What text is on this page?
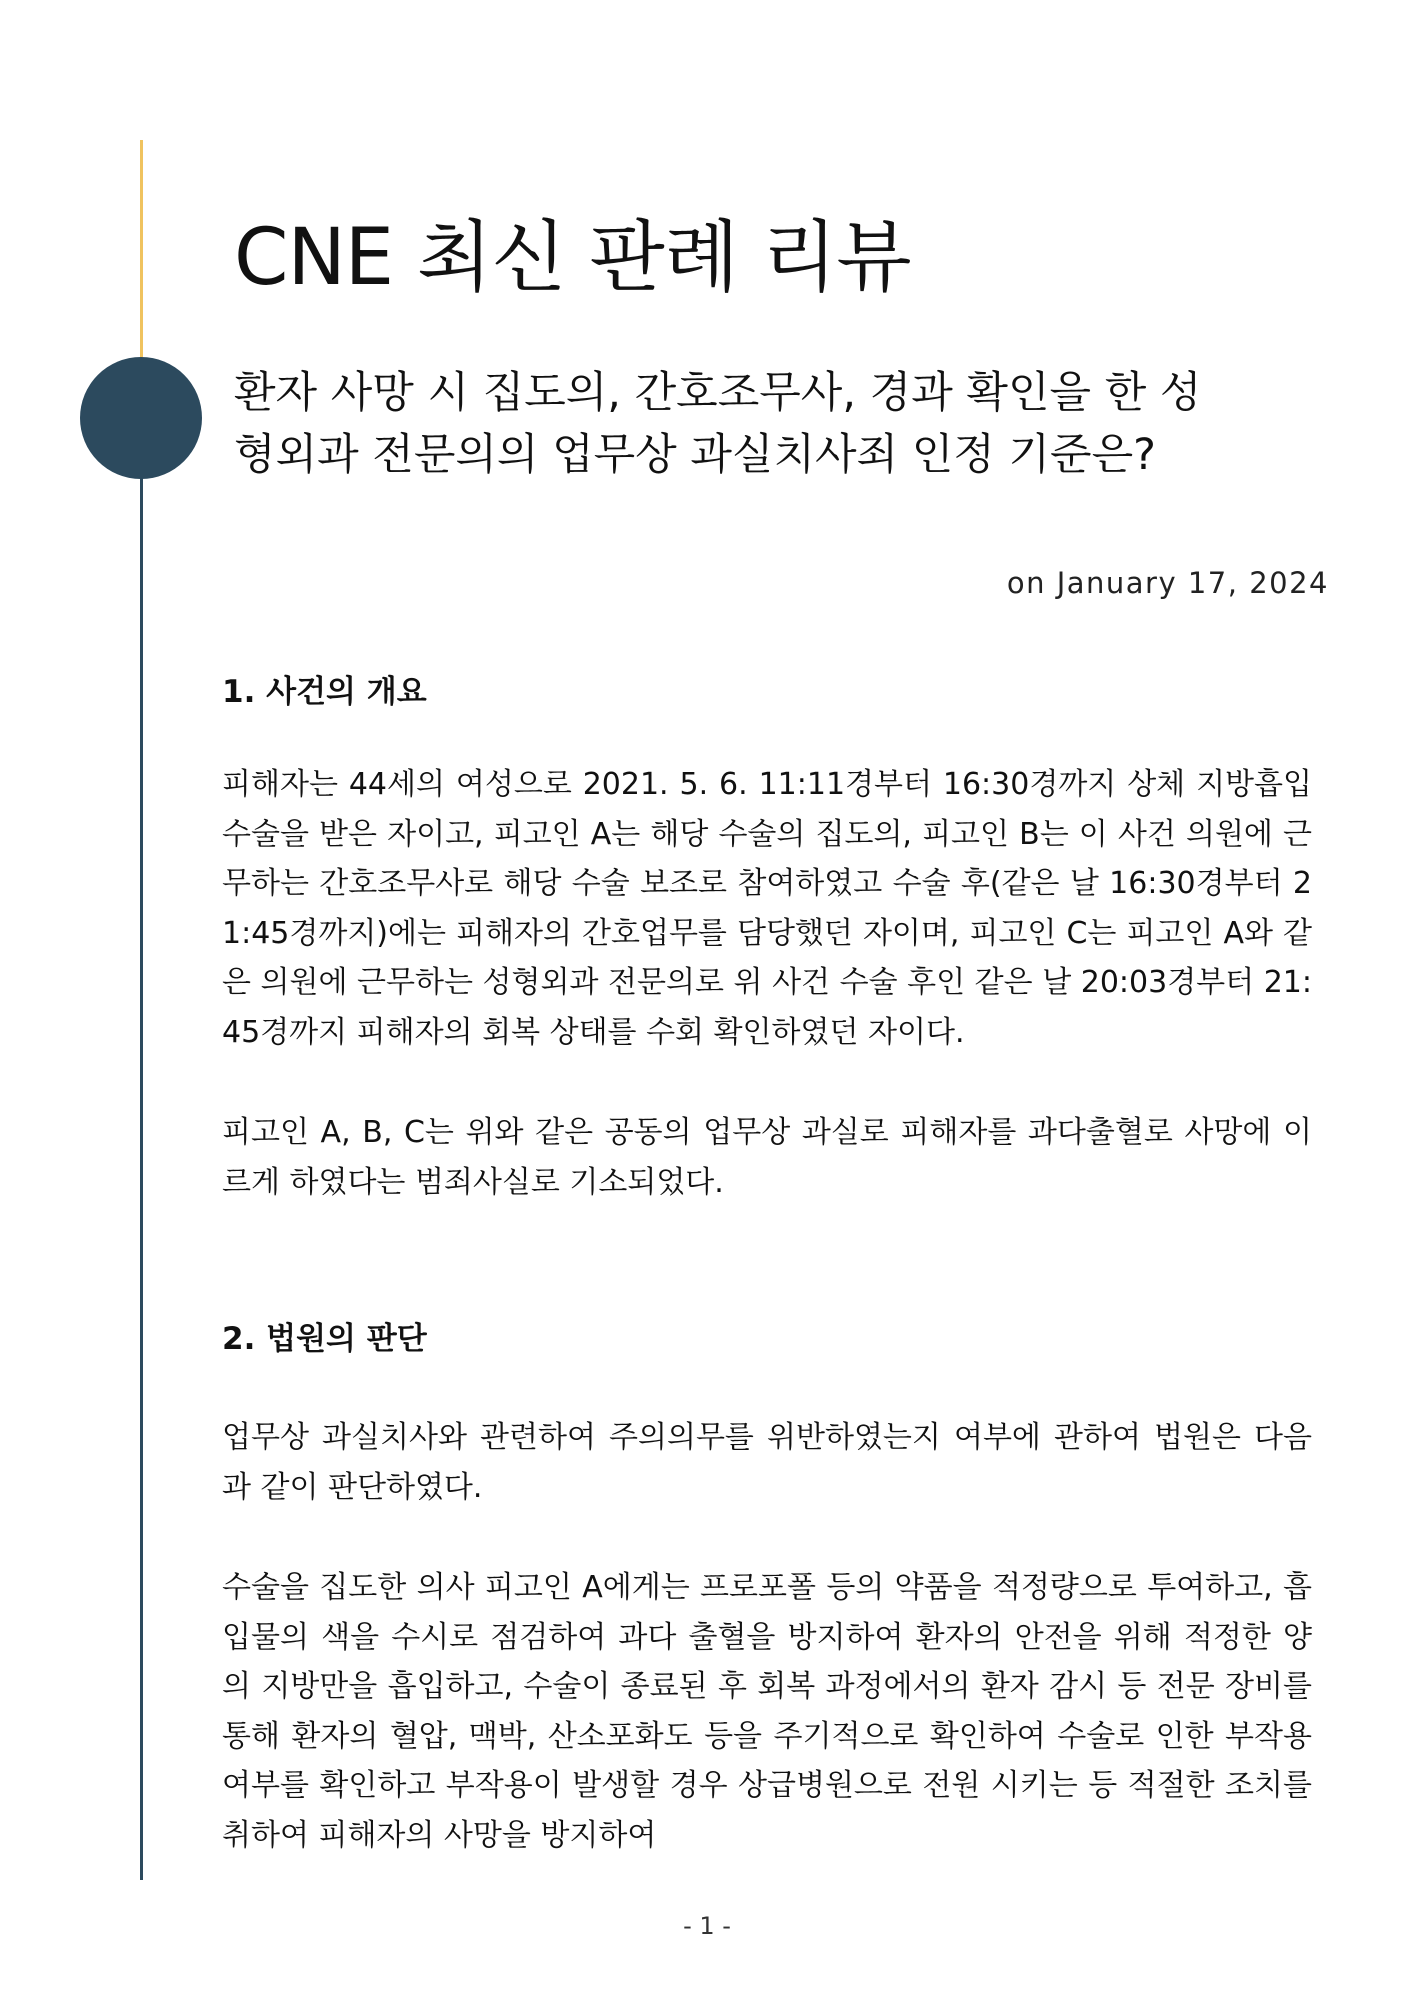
CNE 최신 판례 리뷰
환자 사망 시 집도의, 간호조무사, 경과 확인을 한 성형외과 전문의의 업무상 과실치사죄 인정 기준은?
on January 17, 2024
1. 사건의 개요

피해자는 44세의 여성으로 2021. 5. 6. 11:11경부터 16:30경까지 상체 지방흡입 수술을 받은 자이고, 피고인 A는 해당 수술의 집도의, 피고인 B는 이 사건 의원에 근무하는 간호조무사로 해당 수술 보조로 참여하였고 수술 후(같은 날 16:30경부터 21:45경까지)에는 피해자의 간호업무를 담당했던 자이며, 피고인 C는 피고인 A와 같은 의원에 근무하는 성형외과 전문의로 위 사건 수술 후인 같은 날 20:03경부터 21:45경까지 피해자의 회복 상태를 수회 확인하였던 자이다.

피고인 A, B, C는 위와 같은 공동의 업무상 과실로 피해자를 과다출혈로 사망에 이르게 하였다는 범죄사실로 기소되었다.

2. 법원의 판단

업무상 과실치사와 관련하여 주의의무를 위반하였는지 여부에 관하여 법원은 다음과 같이 판단하였다.

수술을 집도한 의사 피고인 A에게는 프로포폴 등의 약품을 적정량으로 투여하고, 흡입물의 색을 수시로 점검하여 과다 출혈을 방지하여 환자의 안전을 위해 적정한 양의 지방만을 흡입하고, 수술이 종료된 후 회복 과정에서의 환자 감시 등 전문 장비를 통해 환자의 혈압, 맥박, 산소포화도 등을 주기적으로 확인하여 수술로 인한 부작용 여부를 확인하고 부작용이 발생할 경우 상급병원으로 전원 시키는 등 적절한 조치를 취하여 피해자의 사망을 방지하여

- 1 -
